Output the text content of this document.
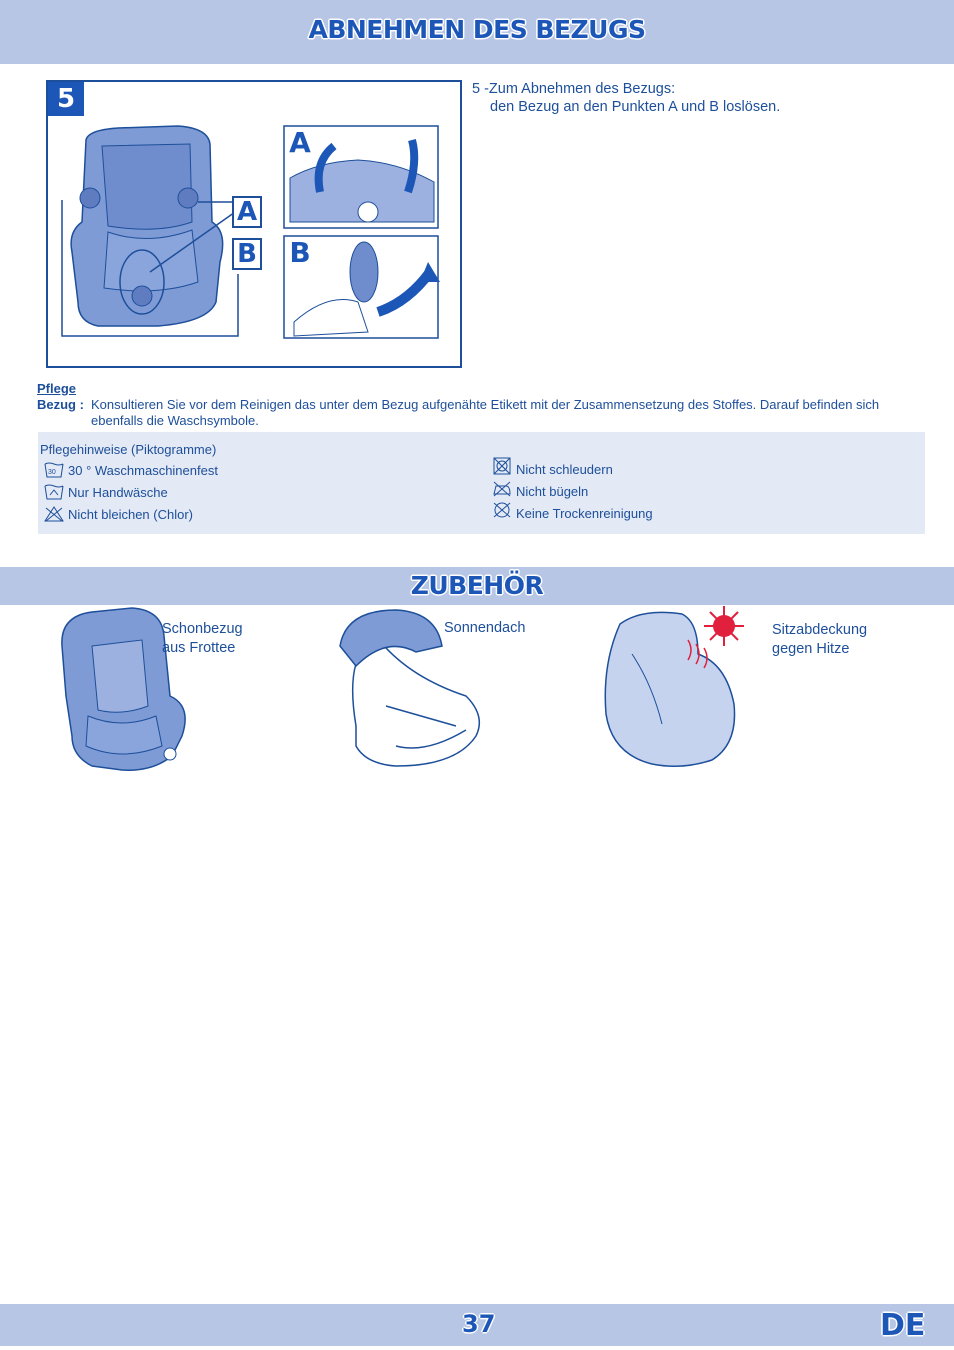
ABNEHMEN DES BEZUGS
5
A
B
A
B
5 -Zum Abnehmen des Bezugs:
den Bezug an den Punkten A und B loslösen.
Pflege
Bezug : Konsultieren Sie vor dem Reinigen das unter dem Bezug aufgenähte Etikett mit der Zusammensetzung des Stoffes. Darauf befinden sich
ebenfalls die Waschsymbole.
Pflegehinweise (Piktogramme)
30 30 ° Waschmaschinenfest
Nur Handwäsche
Nicht bleichen (Chlor)
Nicht schleudern
Nicht bügeln
Keine Trockenreinigung
ZUBEHÖR
Schonbezug
aus Frottee
Sonnendach	Sitzabdeckung
gegen Hitze
37	DE
